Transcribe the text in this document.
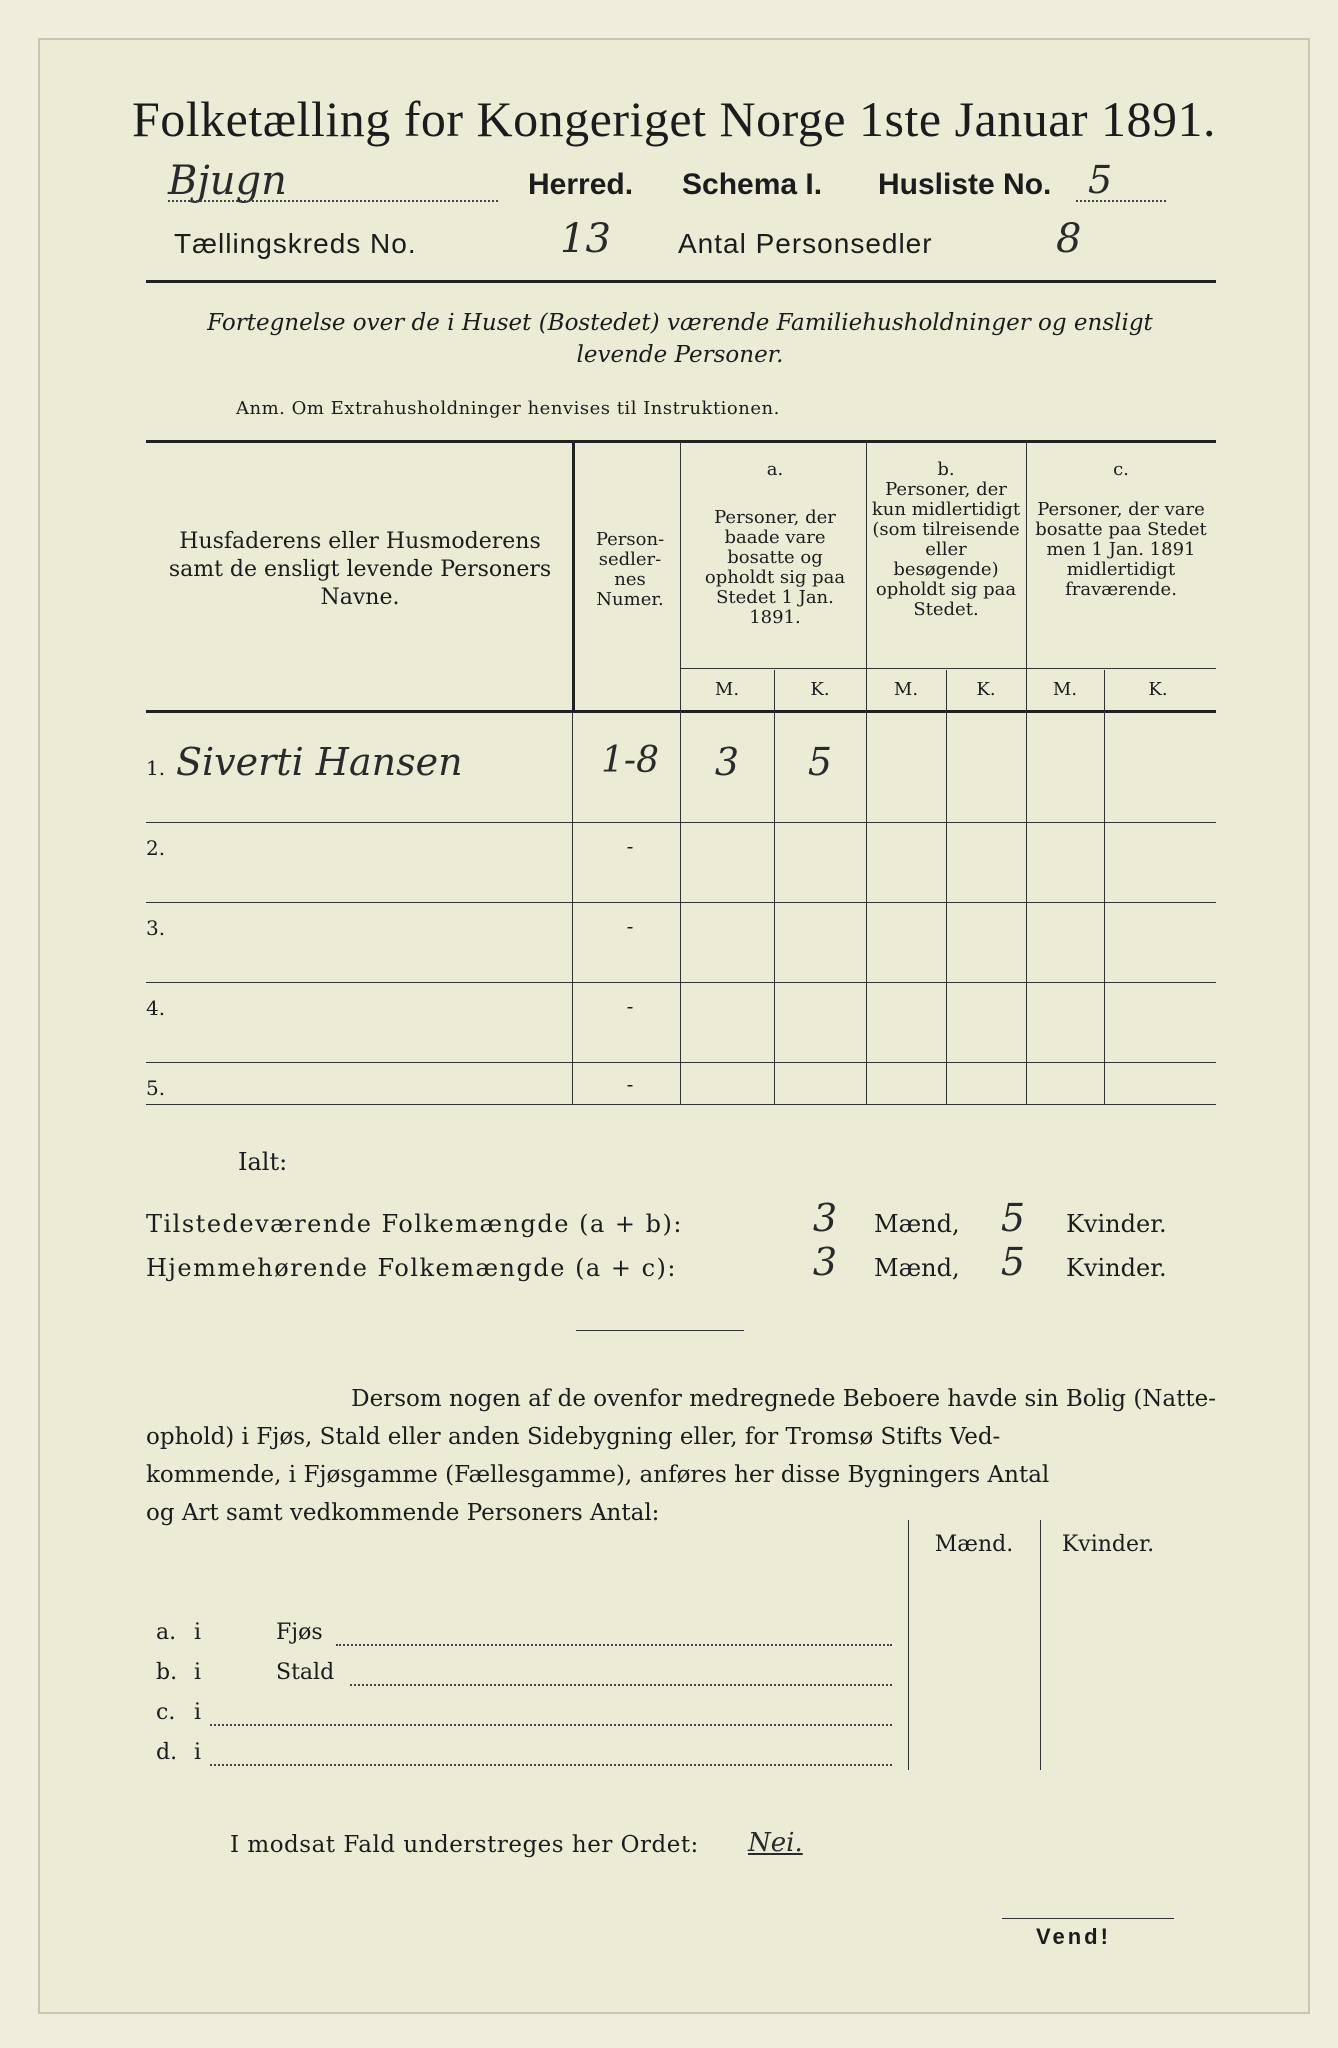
Folketælling for Kongeriget Norge 1ste Januar 1891.
Bjugn	Herred. Schema I. Husliste No. 5
Tællingskreds No.	13 Antal Personsedler	8
Fortegnelse over de i Huset (Bostedet) værende Familiehusholdninger og ensligt
levende Personer.
Anm. Om Extrahusholdninger henvises til Instruktionen.
Husfaderens eller Husmoderens samt de ensligt levende Personers Navne.
Person-sedler-nes Numer.
a.
Personer, der baade vare bosatte og opholdt sig paa Stedet 1 Jan. 1891.
b.
Personer, der kun midlertidigt (som tilreisende eller besøgende) opholdt sig paa Stedet.
c.
Personer, der vare bosatte paa Stedet men 1 Jan. 1891 midlertidigt fraværende.
M.	K.	M.	K.	M.	K.
1. Siverti Hansen	1-8	3	5
2.	-
3.	-
4.	-
5.	-
Ialt:
Tilstedeværende Folkemængde (a + b):	3	Mænd,	5	Kvinder.
Hjemmehørende Folkemængde (a + c):	3	Mænd,	5	Kvinder.
Dersom nogen af de ovenfor medregnede Beboere havde sin Bolig (Natte-
ophold) i Fjøs, Stald eller anden Sidebygning eller, for Tromsø Stifts Ved-
kommende, i Fjøsgamme (Fællesgamme), anføres her disse Bygningers Antal
og Art samt vedkommende Personers Antal:
Mænd.	Kvinder.
a. i	Fjøs
b. i	Stald
c. i
d. i
I modsat Fald understreges her Ordet: Nei.
Vend!
